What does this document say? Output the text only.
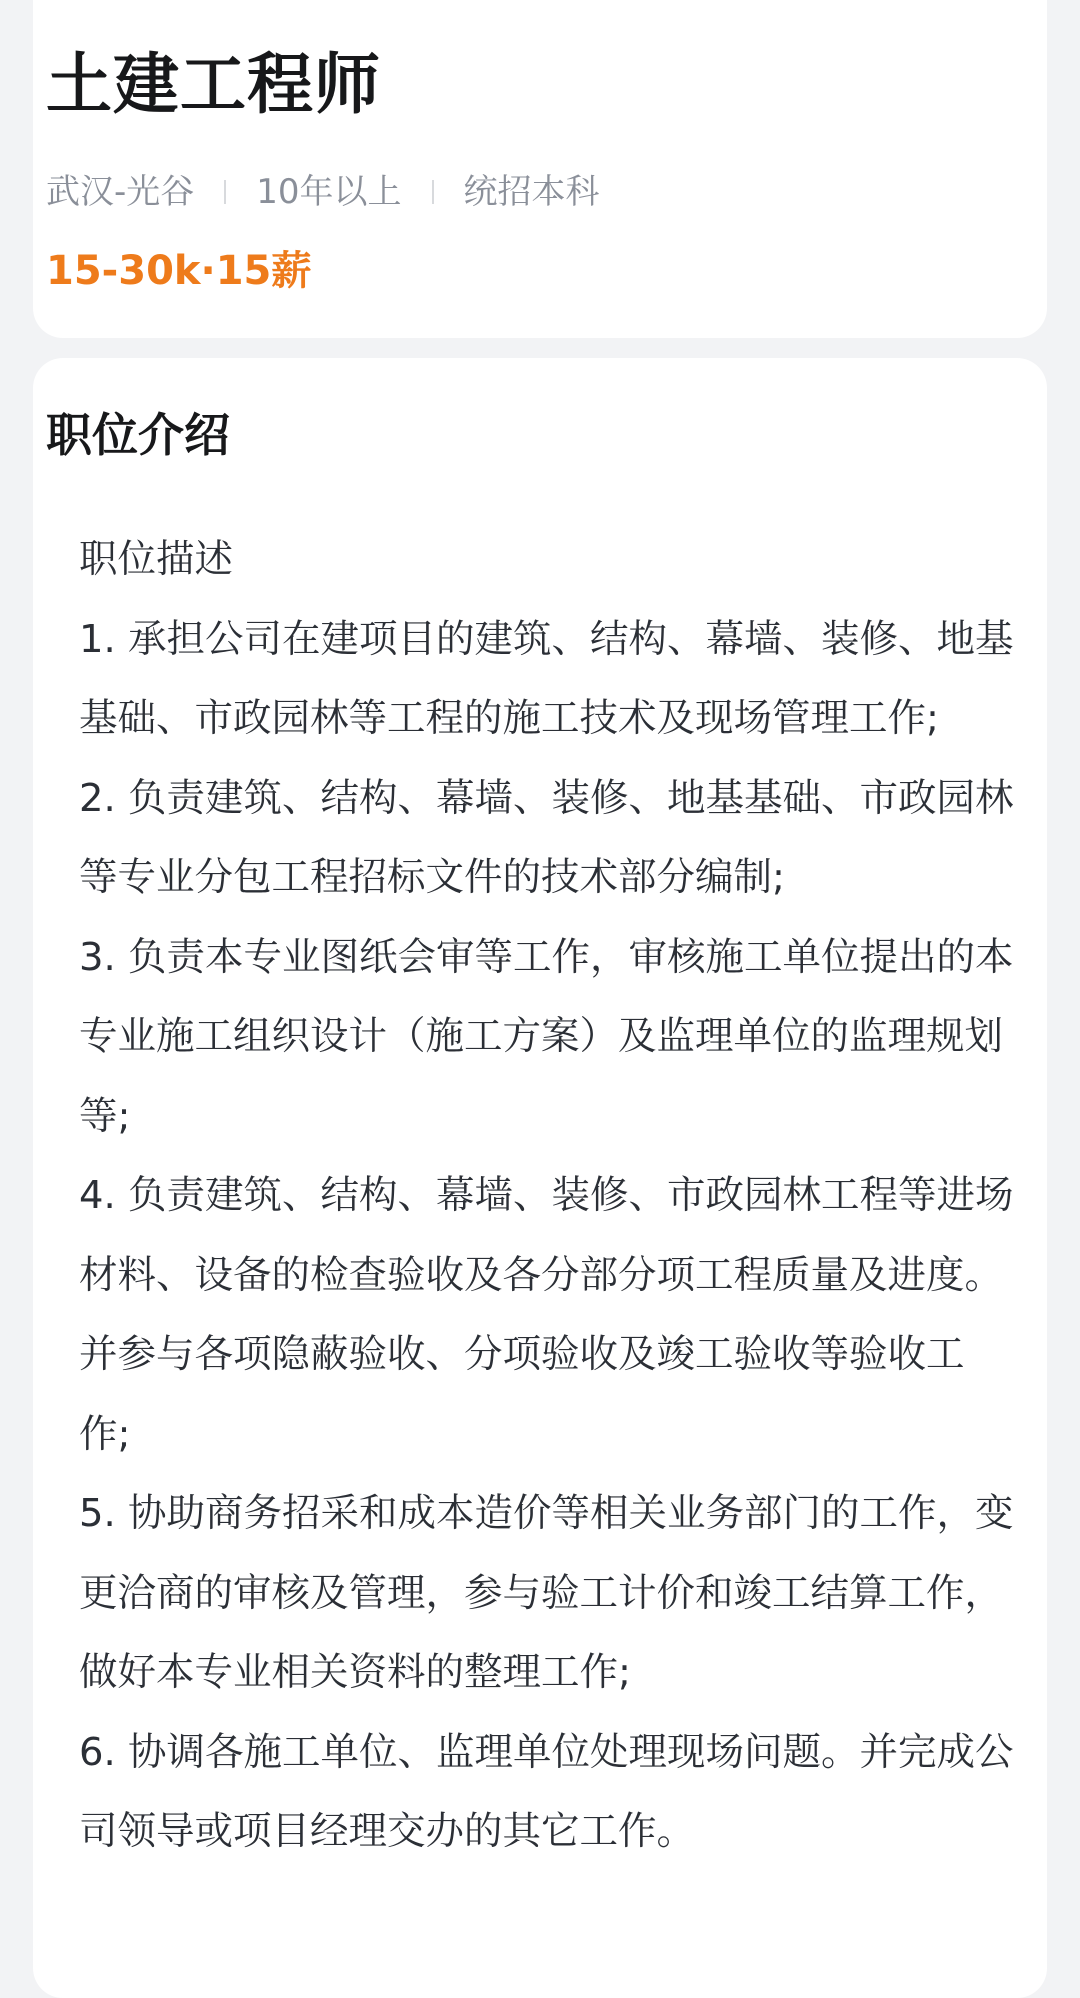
土建工程师
武汉-光谷 10年以上 统招本科
15-30k·15薪
职位介绍

职位描述

1. 承担公司在建项目的建筑、结构、幕墙、装修、地基基础、市政园林等工程的施工技术及现场管理工作;

2. 负责建筑、结构、幕墙、装修、地基基础、市政园林等专业分包工程招标文件的技术部分编制;

3. 负责本专业图纸会审等工作，审核施工单位提出的本专业施工组织设计（施工方案）及监理单位的监理规划等;

4. 负责建筑、结构、幕墙、装修、市政园林工程等进场材料、设备的检查验收及各分部分项工程质量及进度。并参与各项隐蔽验收、分项验收及竣工验收等验收工作;

5. 协助商务招采和成本造价等相关业务部门的工作，变更洽商的审核及管理，参与验工计价和竣工结算工作，做好本专业相关资料的整理工作;

6. 协调各施工单位、监理单位处理现场问题。并完成公司领导或项目经理交办的其它工作。
